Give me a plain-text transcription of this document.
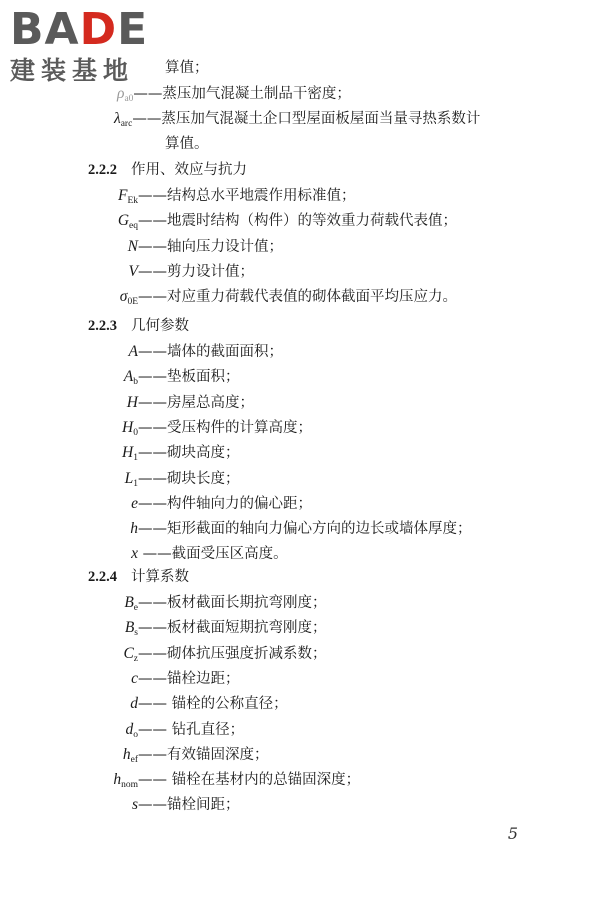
BADE
建装基地	算值；
$\rho_{a0}——$蒸压加气混凝土制品干密度；
$\lambda_{arc}——$蒸压加气混凝土企口型屋面板屋面当量寻热系数计
算值。
2.2.2 作用、效应与抗力
$F_{Ek}——$结构总水平地震作用标准值；
$G_{eq}——$地震时结构（构件）的等效重力荷载代表值；
N——轴向压力设计值；
V——剪力设计值；
$\sigma_{0E}——$对应重力荷载代表值的砌体截面平均压应力。
2.2.3 几何参数
A——墙体的截面面积；
$A_b——$垫板面积；
H——房屋总高度；
$H_0——$受压构件的计算高度；
$H_1——$砌块高度；
$L_1——$砌块长度；
e——构件轴向力的偏心距；
h——矩形截面的轴向力偏心方向的边长或墙体厚度；
x ——截面受压区高度。
2.2.4 计算系数
$B_e——$板材截面长期抗弯刚度；
$B_s——$板材截面短期抗弯刚度；
$C_z——$砌体抗压强度折减系数；
c——锚栓边距；
d—— 锚栓的公称直径；
$d_o——$ 钻孔直径；
$h_{ef}——$有效锚固深度；
$h_{nom}——$ 锚栓在基材内的总锚固深度；
s——锚栓间距；
5
